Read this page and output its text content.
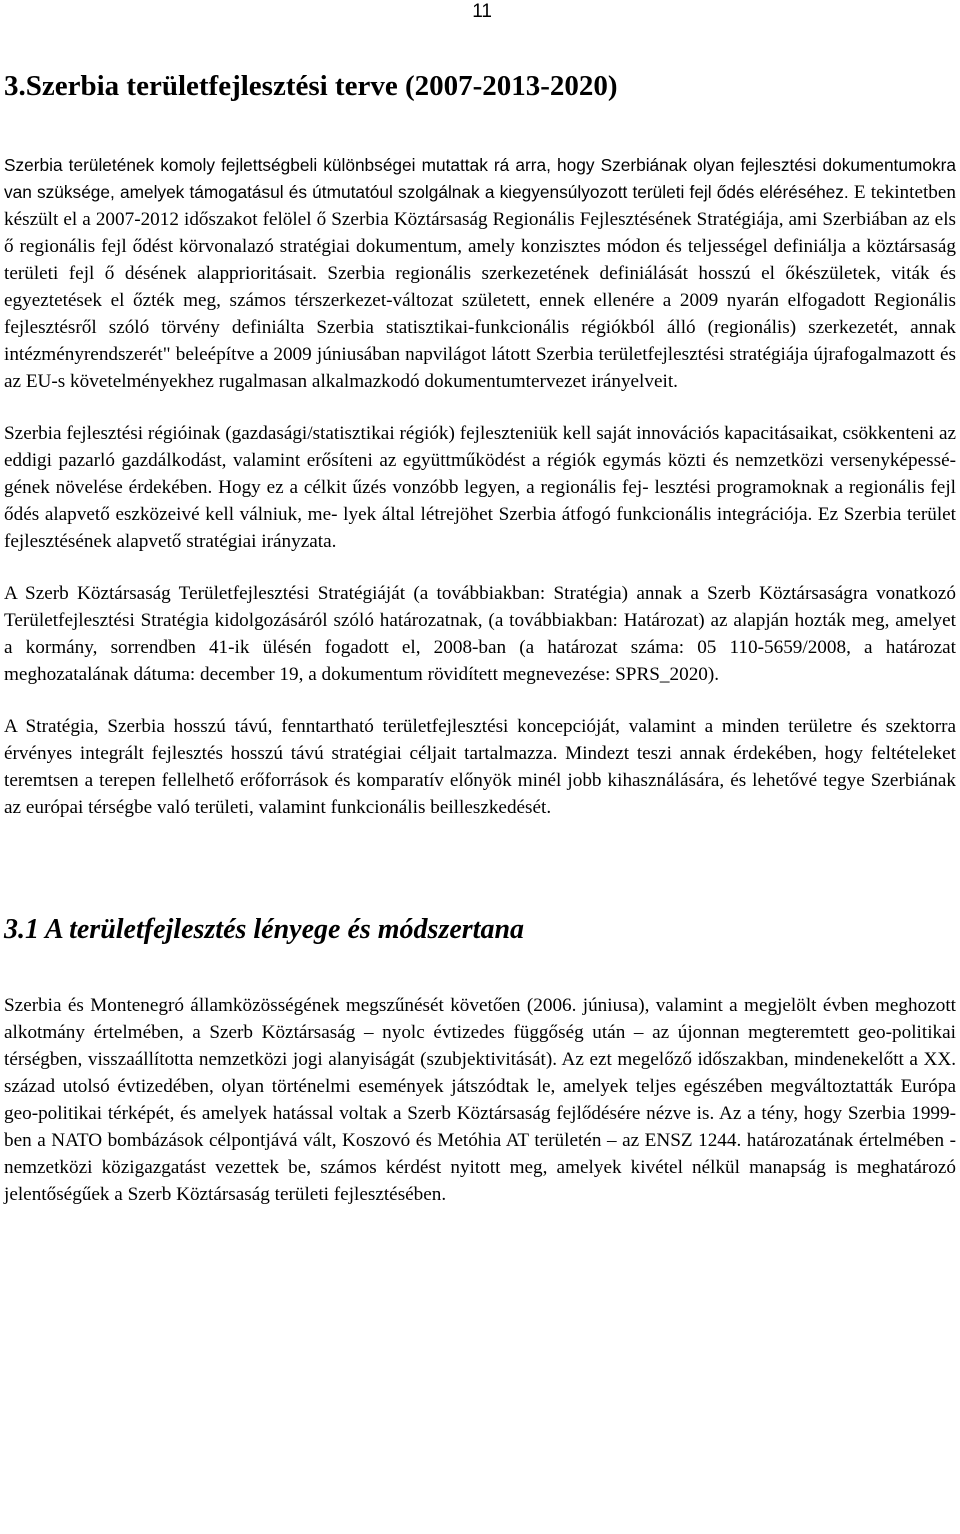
11
3.Szerbia területfejlesztési terve (2007-2013-2020)

Szerbia területének komoly fejlettségbeli különbségei mutattak rá arra, hogy Szerbiának olyan fejlesztési dokumentumokra van szüksége, amelyek támogatásul és útmutatóul szolgálnak a kiegyensúlyozott területi fejl ődés eléréséhez. E tekintetben készült el a 2007-2012 időszakot felölel ő Szerbia Köztársaság Regionális Fejlesztésének Stratégiája, ami Szerbiában az els ő regionális fejl ődést körvonalazó stratégiai dokumentum, amely konzisztes módon és teljességel definiálja a köztársaság területi fejl ő désének alapprioritásait. Szerbia regionális szerkezetének definiálását hosszú el őkészületek, viták és egyeztetések el őzték meg, számos térszerkezet-változat született, ennek ellenére a 2009 nyarán elfogadott Regionális fejlesztésről szóló törvény definiálta Szerbia statisztikai-funkcionális régiókból álló (regionális) szerkezetét, annak intézményrendszerét" beleépítve a 2009 júniusában napvilágot látott Szerbia területfejlesztési stratégiája újrafogalmazott és az EU-s követelményekhez rugalmasan alkalmazkodó dokumentumtervezet irányelveit.

Szerbia fejlesztési régióinak (gazdasági/statisztikai régiók) fejleszteniük kell saját innovációs kapacitásaikat, csökkenteni az eddigi pazarló gazdálkodást, valamint erősíteni az együttműködést a régiók egymás közti és nemzetközi versenyképessé- gének növelése érdekében. Hogy ez a célkit űzés vonzóbb legyen, a regionális fej- lesztési programoknak a regionális fejl ődés alapvető eszközeivé kell válniuk, me- lyek által létrejöhet Szerbia átfogó funkcionális integrációja. Ez Szerbia terület fejlesztésének alapvető stratégiai irányzata.

A Szerb Köztársaság Területfejlesztési Stratégiáját (a továbbiakban: Stratégia) annak a Szerb Köztársaságra vonatkozó Területfejlesztési Stratégia kidolgozásáról szóló határozatnak, (a továbbiakban: Határozat) az alapján hozták meg, amelyet a kormány, sorrendben 41-ik ülésén fogadott el, 2008-ban (a határozat száma: 05 110-5659/2008, a határozat meghozatalának dátuma: december 19, a dokumentum rövidített megnevezése: SPRS_2020).

A Stratégia, Szerbia hosszú távú, fenntartható területfejlesztési koncepcióját, valamint a minden területre és szektorra érvényes integrált fejlesztés hosszú távú stratégiai céljait tartalmazza. Mindezt teszi annak érdekében, hogy feltételeket teremtsen a terepen fellelhető erőforrások és komparatív előnyök minél jobb kihasználására, és lehetővé tegye Szerbiának az európai térségbe való területi, valamint funkcionális beilleszkedését.

3.1 A területfejlesztés lényege és módszertana

Szerbia és Montenegró államközösségének megszűnését követően (2006. júniusa), valamint a megjelölt évben meghozott alkotmány értelmében, a Szerb Köztársaság – nyolc évtizedes függőség után – az újonnan megteremtett geo-politikai térségben, visszaállította nemzetközi jogi alanyiságát (szubjektivitását). Az ezt megelőző időszakban, mindenekelőtt a XX. század utolsó évtizedében, olyan történelmi események játszódtak le, amelyek teljes egészében megváltoztatták Európa geo-politikai térképét, és amelyek hatással voltak a Szerb Köztársaság fejlődésére nézve is. Az a tény, hogy Szerbia 1999-ben a NATO bombázások célpontjává vált, Koszovó és Metóhia AT területén – az ENSZ 1244. határozatának értelmében - nemzetközi közigazgatást vezettek be, számos kérdést nyitott meg, amelyek kivétel nélkül manapság is meghatározó jelentőségűek a Szerb Köztársaság területi fejlesztésében.
